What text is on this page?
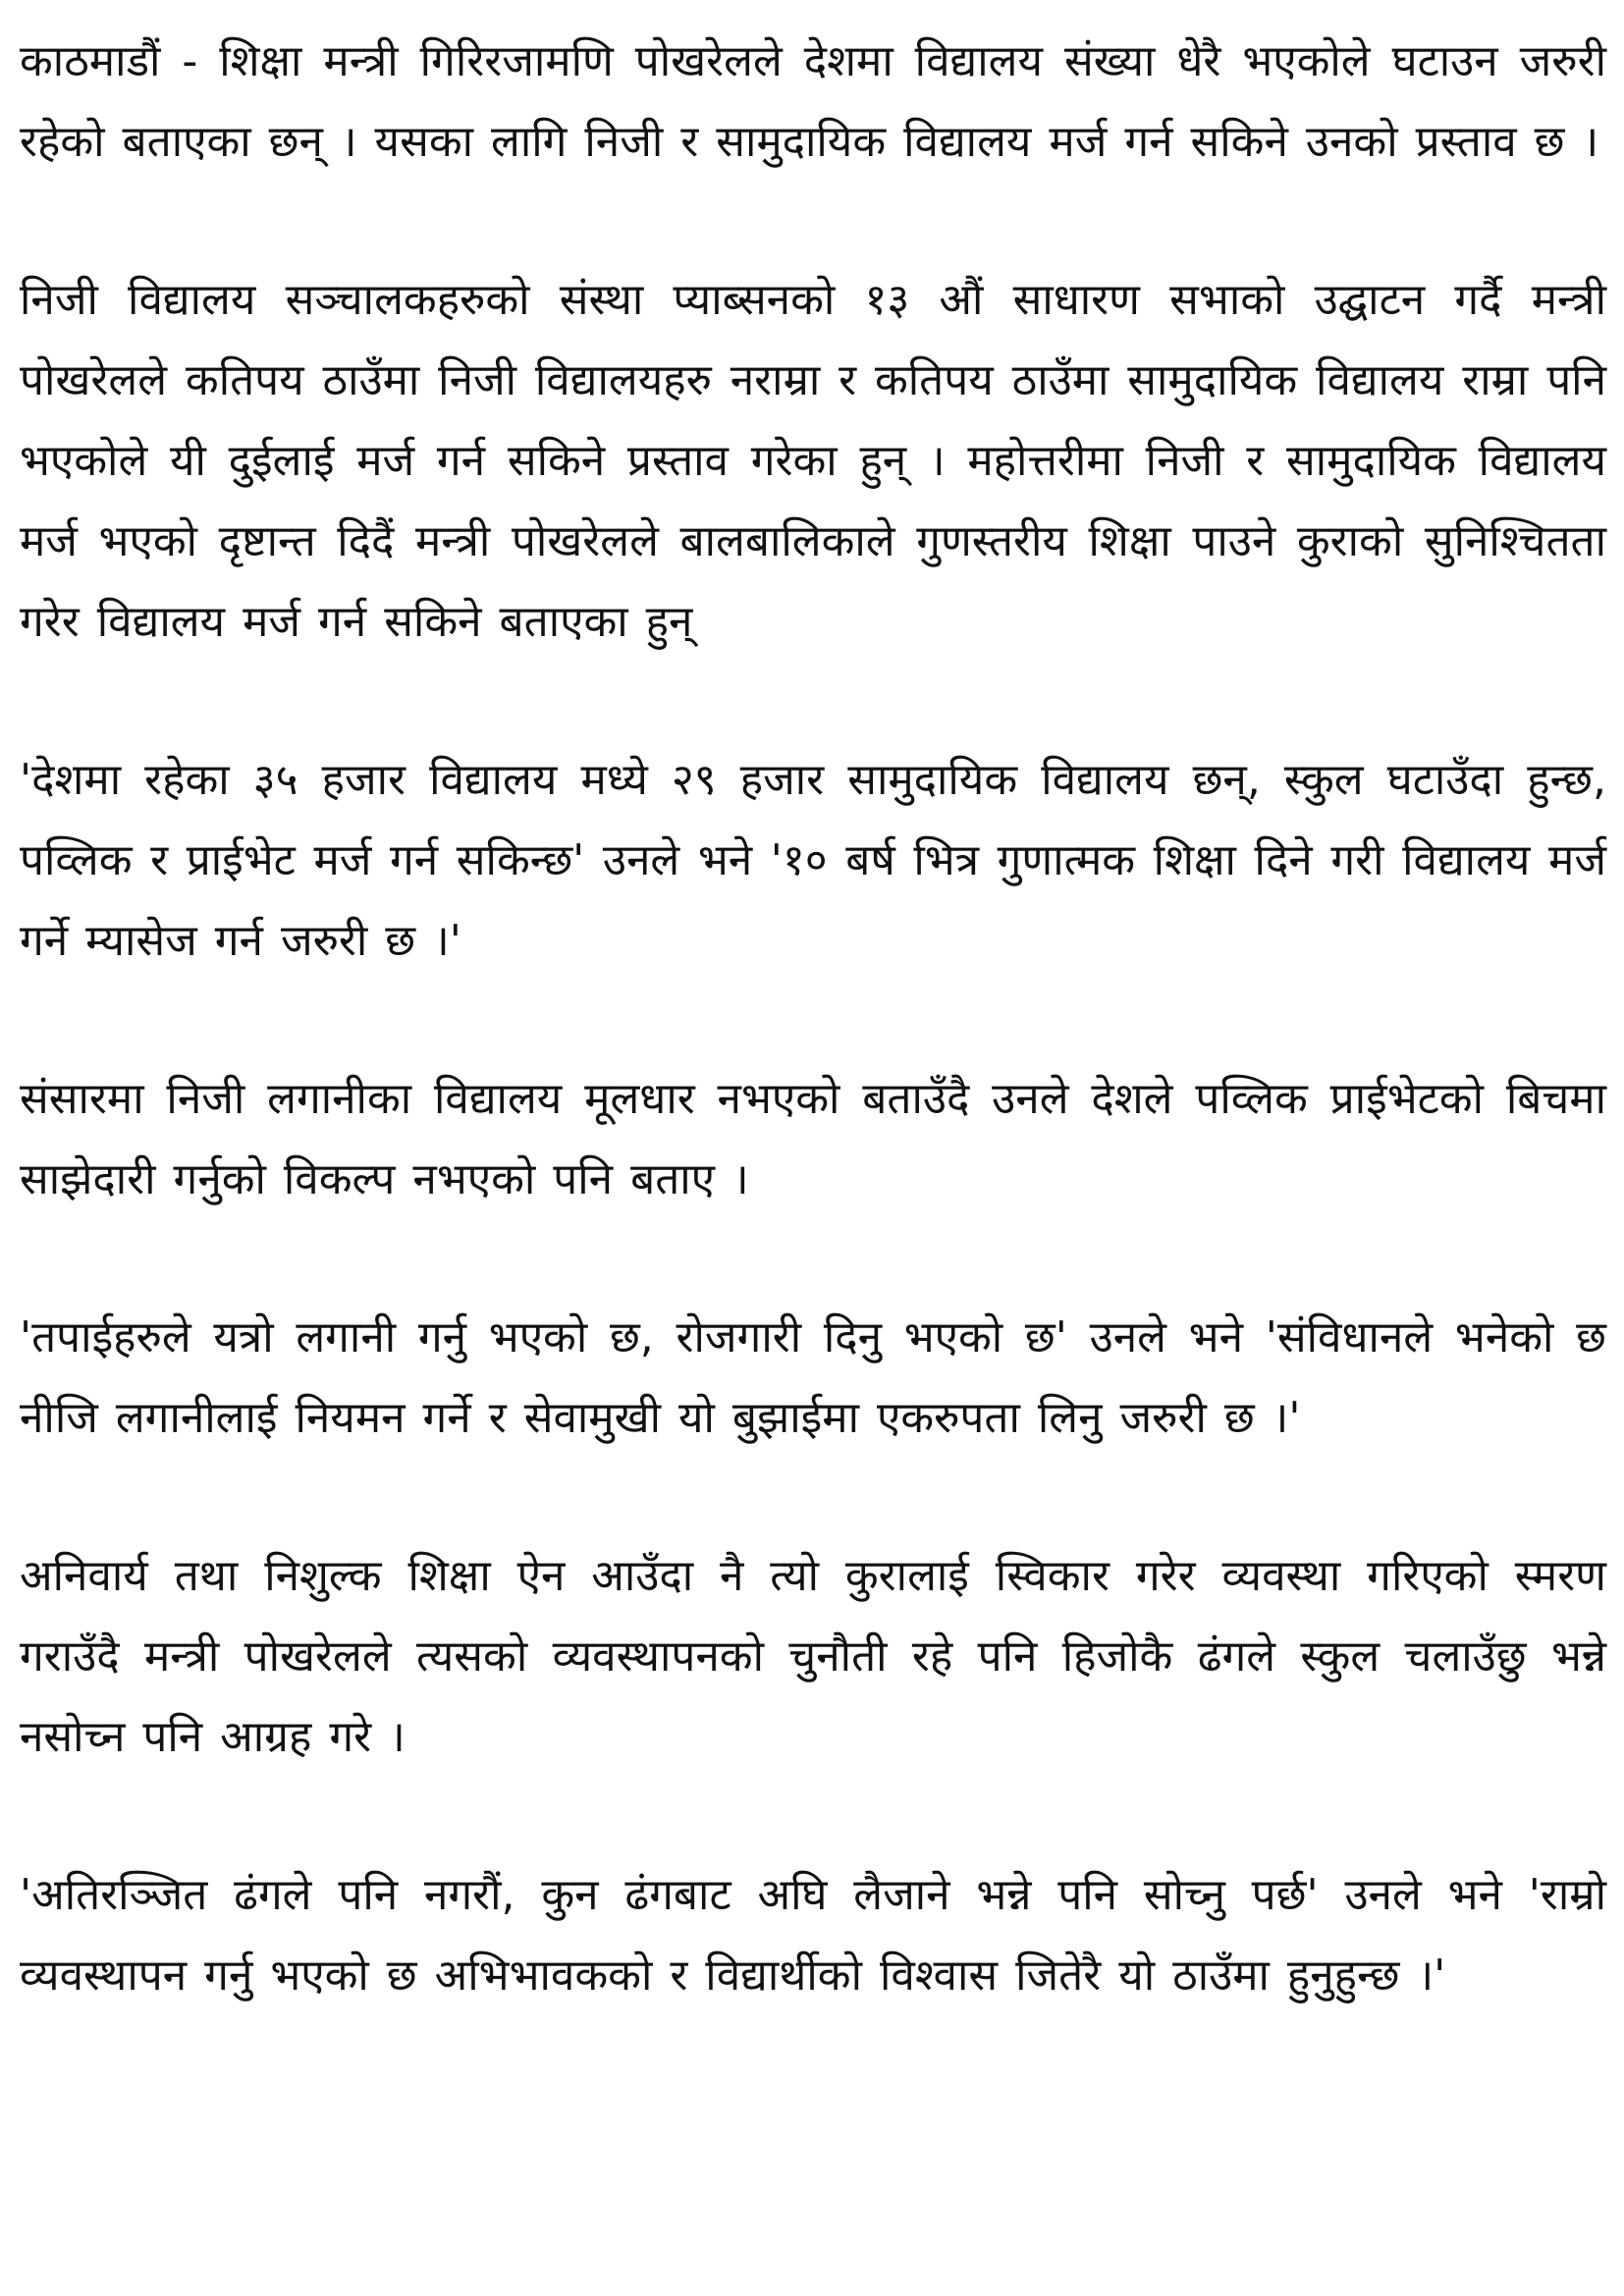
काठमाडौं - शिक्षा मन्त्री गिरिरजामणि पोखरेलले देशमा विद्यालय संख्या धेरै भएकोले घटाउन जरुरी रहेको बताएका छन् । यसका लागि निजी र सामुदायिक विद्यालय मर्ज गर्न सकिने उनको प्रस्ताव छ ।

निजी विद्यालय सञ्चालकहरुको संस्था प्याब्सनको १३ औं साधारण सभाको उद्घाटन गर्दै मन्त्री पोखरेलले कतिपय ठाउँमा निजी विद्यालयहरु नराम्रा र कतिपय ठाउँमा सामुदायिक विद्यालय राम्रा पनि भएकोले यी दुईलाई मर्ज गर्न सकिने प्रस्ताव गरेका हुन् । महोत्तरीमा निजी र सामुदायिक विद्यालय मर्ज भएको दृष्टान्त दिदैं मन्त्री पोखरेलले बालबालिकाले गुणस्तरीय शिक्षा पाउने कुराको सुनिश्चितता गरेर विद्यालय मर्ज गर्न सकिने बताएका हुन्

'देशमा रहेका ३५ हजार विद्यालय मध्ये २९ हजार सामुदायिक विद्यालय छन्, स्कुल घटाउँदा हुन्छ, पव्लिक र प्राईभेट मर्ज गर्न सकिन्छ' उनले भने '१० बर्ष भित्र गुणात्मक शिक्षा दिने गरी विद्यालय मर्ज गर्ने म्यासेज गर्न जरुरी छ ।'

संसारमा निजी लगानीका विद्यालय मूलधार नभएको बताउँदै उनले देशले पव्लिक प्राईभेटको बिचमा साझेदारी गर्नुको विकल्प नभएको पनि बताए ।

'तपाईहरुले यत्रो लगानी गर्नु भएको छ, रोजगारी दिनु भएको छ' उनले भने 'संविधानले भनेको छ नीजि लगानीलाई नियमन गर्ने र सेवामुखी यो बुझाईमा एकरुपता लिनु जरुरी छ ।'

अनिवार्य तथा निशुल्क शिक्षा ऐन आउँदा नै त्यो कुरालाई स्विकार गरेर व्यवस्था गरिएको स्मरण गराउँदै मन्त्री पोखरेलले त्यसको व्यवस्थापनको चुनौती रहे पनि हिजोकै ढंगले स्कुल चलाउँछु भन्ने नसोच्न पनि आग्रह गरे ।

'अतिरञ्जित ढंगले पनि नगरौं, कुन ढंगबाट अघि लैजाने भन्ने पनि सोच्नु पर्छ' उनले भने 'राम्रो व्यवस्थापन गर्नु भएको छ अभिभावकको र विद्यार्थीको विश्वास जितेरै यो ठाउँमा हुनुहुन्छ ।'
